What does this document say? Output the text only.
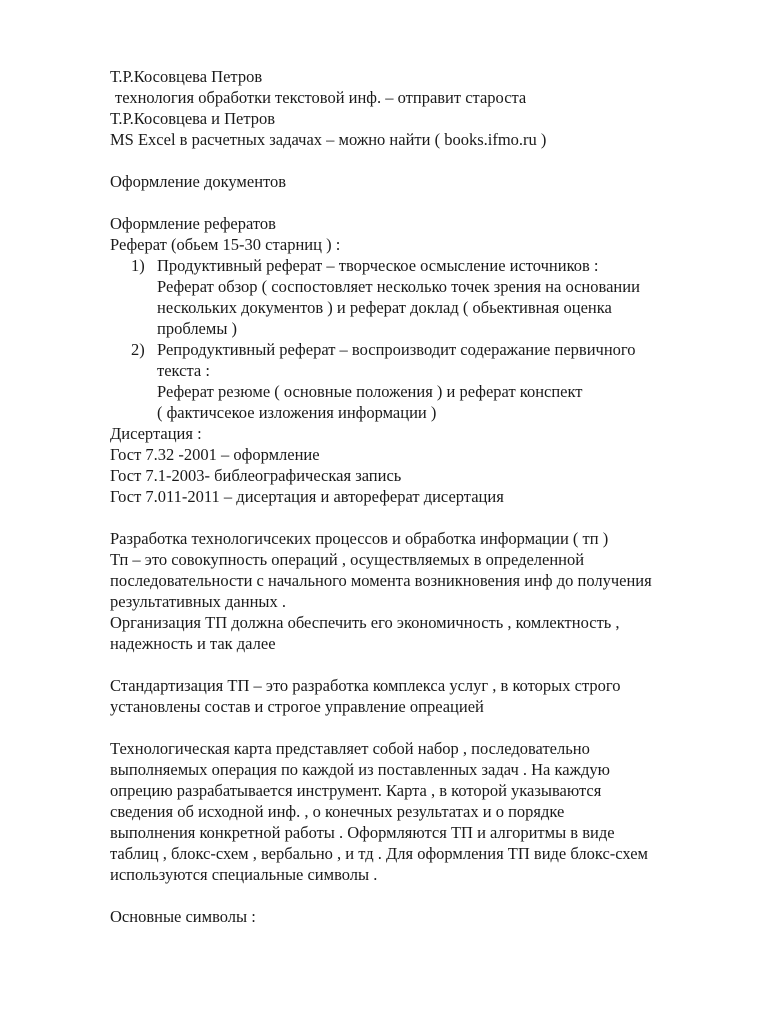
Т.Р.Косовцева Петров
технология обработки текстовой инф. – отправит староста
Т.Р.Косовцева и Петров
MS Excel в расчетных задачах – можно найти ( books.ifmo.ru )
Оформление документов
Оформление рефератов
Реферат (обьем 15-30 старниц ) :
1) Продуктивный реферат – творческое осмысление источников :
Реферат обзор ( соспостовляет несколько точек зрения на основании
нескольких документов ) и реферат доклад ( обьективная оценка
проблемы )
2) Репродуктивный реферат – воспроизводит содеражание первичного
текста :
Реферат резюме ( основные положения ) и реферат конспект
( фактичсекое изложения информации )
Дисертация :
Гост 7.32 -2001 – оформление
Гост 7.1-2003- библеографическая запись
Гост 7.011-2011 – дисертация и автореферат дисертация
Разработка технологичсеких процессов и обработка информации ( тп )
Тп – это совокупность операций , осуществляемых в определенной
последовательности с начального момента возникновения инф до получения
результативных данных .
Организация ТП должна обеспечить его экономичность , комлектность ,
надежность и так далее
Стандартизация ТП – это разработка комплекса услуг , в которых строго
установлены состав и строгое управление опреацией
Технологическая карта представляет собой набор , последовательно
выполняемых операция по каждой из поставленных задач . На каждую
опрецию разрабатывается инструмент. Карта , в которой указываются
сведения об исходной инф. , о конечных результатах и о порядке
выполнения конкретной работы . Оформляются ТП и алгоритмы в виде
таблиц , блокс-схем , вербально , и тд . Для оформления ТП виде блокс-схем
используются специальные символы .
Основные символы :
